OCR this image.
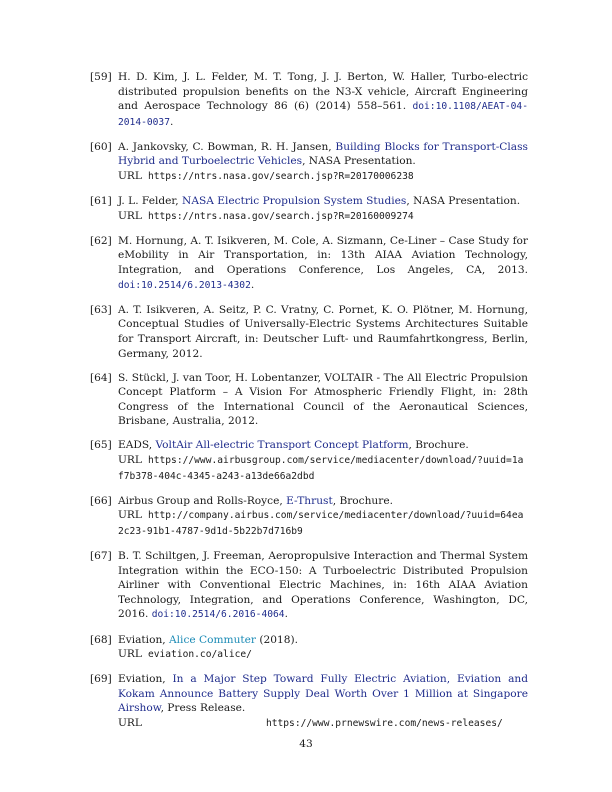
[59] H. D. Kim, J. L. Felder, M. T. Tong, J. J. Berton, W. Haller, Turbo-electric distributed propulsion benefits on the N3-X vehicle, Aircraft Engineering and Aerospace Technology 86 (6) (2014) 558–561. doi:10.1108/AEAT-04-2014-0037.
[60] A. Jankovsky, C. Bowman, R. H. Jansen, Building Blocks for Transport-Class Hybrid and Turboelectric Vehicles, NASA Presentation.
URL https://ntrs.nasa.gov/search.jsp?R=20170006238
[61] J. L. Felder, NASA Electric Propulsion System Studies, NASA Presentation.
URL https://ntrs.nasa.gov/search.jsp?R=20160009274
[62] M. Hornung, A. T. Isikveren, M. Cole, A. Sizmann, Ce-Liner – Case Study for eMobility in Air Transportation, in: 13th AIAA Aviation Technology, Integration, and Operations Conference, Los Angeles, CA, 2013. doi:10.2514/6.2013-4302.
[63] A. T. Isikveren, A. Seitz, P. C. Vratny, C. Pornet, K. O. Plötner, M. Hornung, Conceptual Studies of Universally-Electric Systems Architectures Suitable for Transport Aircraft, in: Deutscher Luft- und Raumfahrtkongress, Berlin, Germany, 2012.
[64] S. Stückl, J. van Toor, H. Lobentanzer, VOLTAIR - The All Electric Propulsion Concept Platform – A Vision For Atmospheric Friendly Flight, in: 28th Congress of the International Council of the Aeronautical Sciences, Brisbane, Australia, 2012.
[65] EADS, VoltAir All-electric Transport Concept Platform, Brochure.
URL https://www.airbusgroup.com/service/mediacenter/download/?uuid=1af7b378-404c-4345-a243-a13de66a2dbd
[66] Airbus Group and Rolls-Royce, E-Thrust, Brochure.
URL http://company.airbus.com/service/mediacenter/download/?uuid=64ea2c23-91b1-4787-9d1d-5b22b7d716b9
[67] B. T. Schiltgen, J. Freeman, Aeropropulsive Interaction and Thermal System Integration within the ECO-150: A Turboelectric Distributed Propulsion Airliner with Conventional Electric Machines, in: 16th AIAA Aviation Technology, Integration, and Operations Conference, Washington, DC, 2016. doi:10.2514/6.2016-4064.
[68] Eviation, Alice Commuter (2018).
URL eviation.co/alice/
[69] Eviation, In a Major Step Toward Fully Electric Aviation, Eviation and Kokam Announce Battery Supply Deal Worth Over 1 Million at Singapore Airshow, Press Release.
URL	https://www.prnewswire.com/news-releases/
43
